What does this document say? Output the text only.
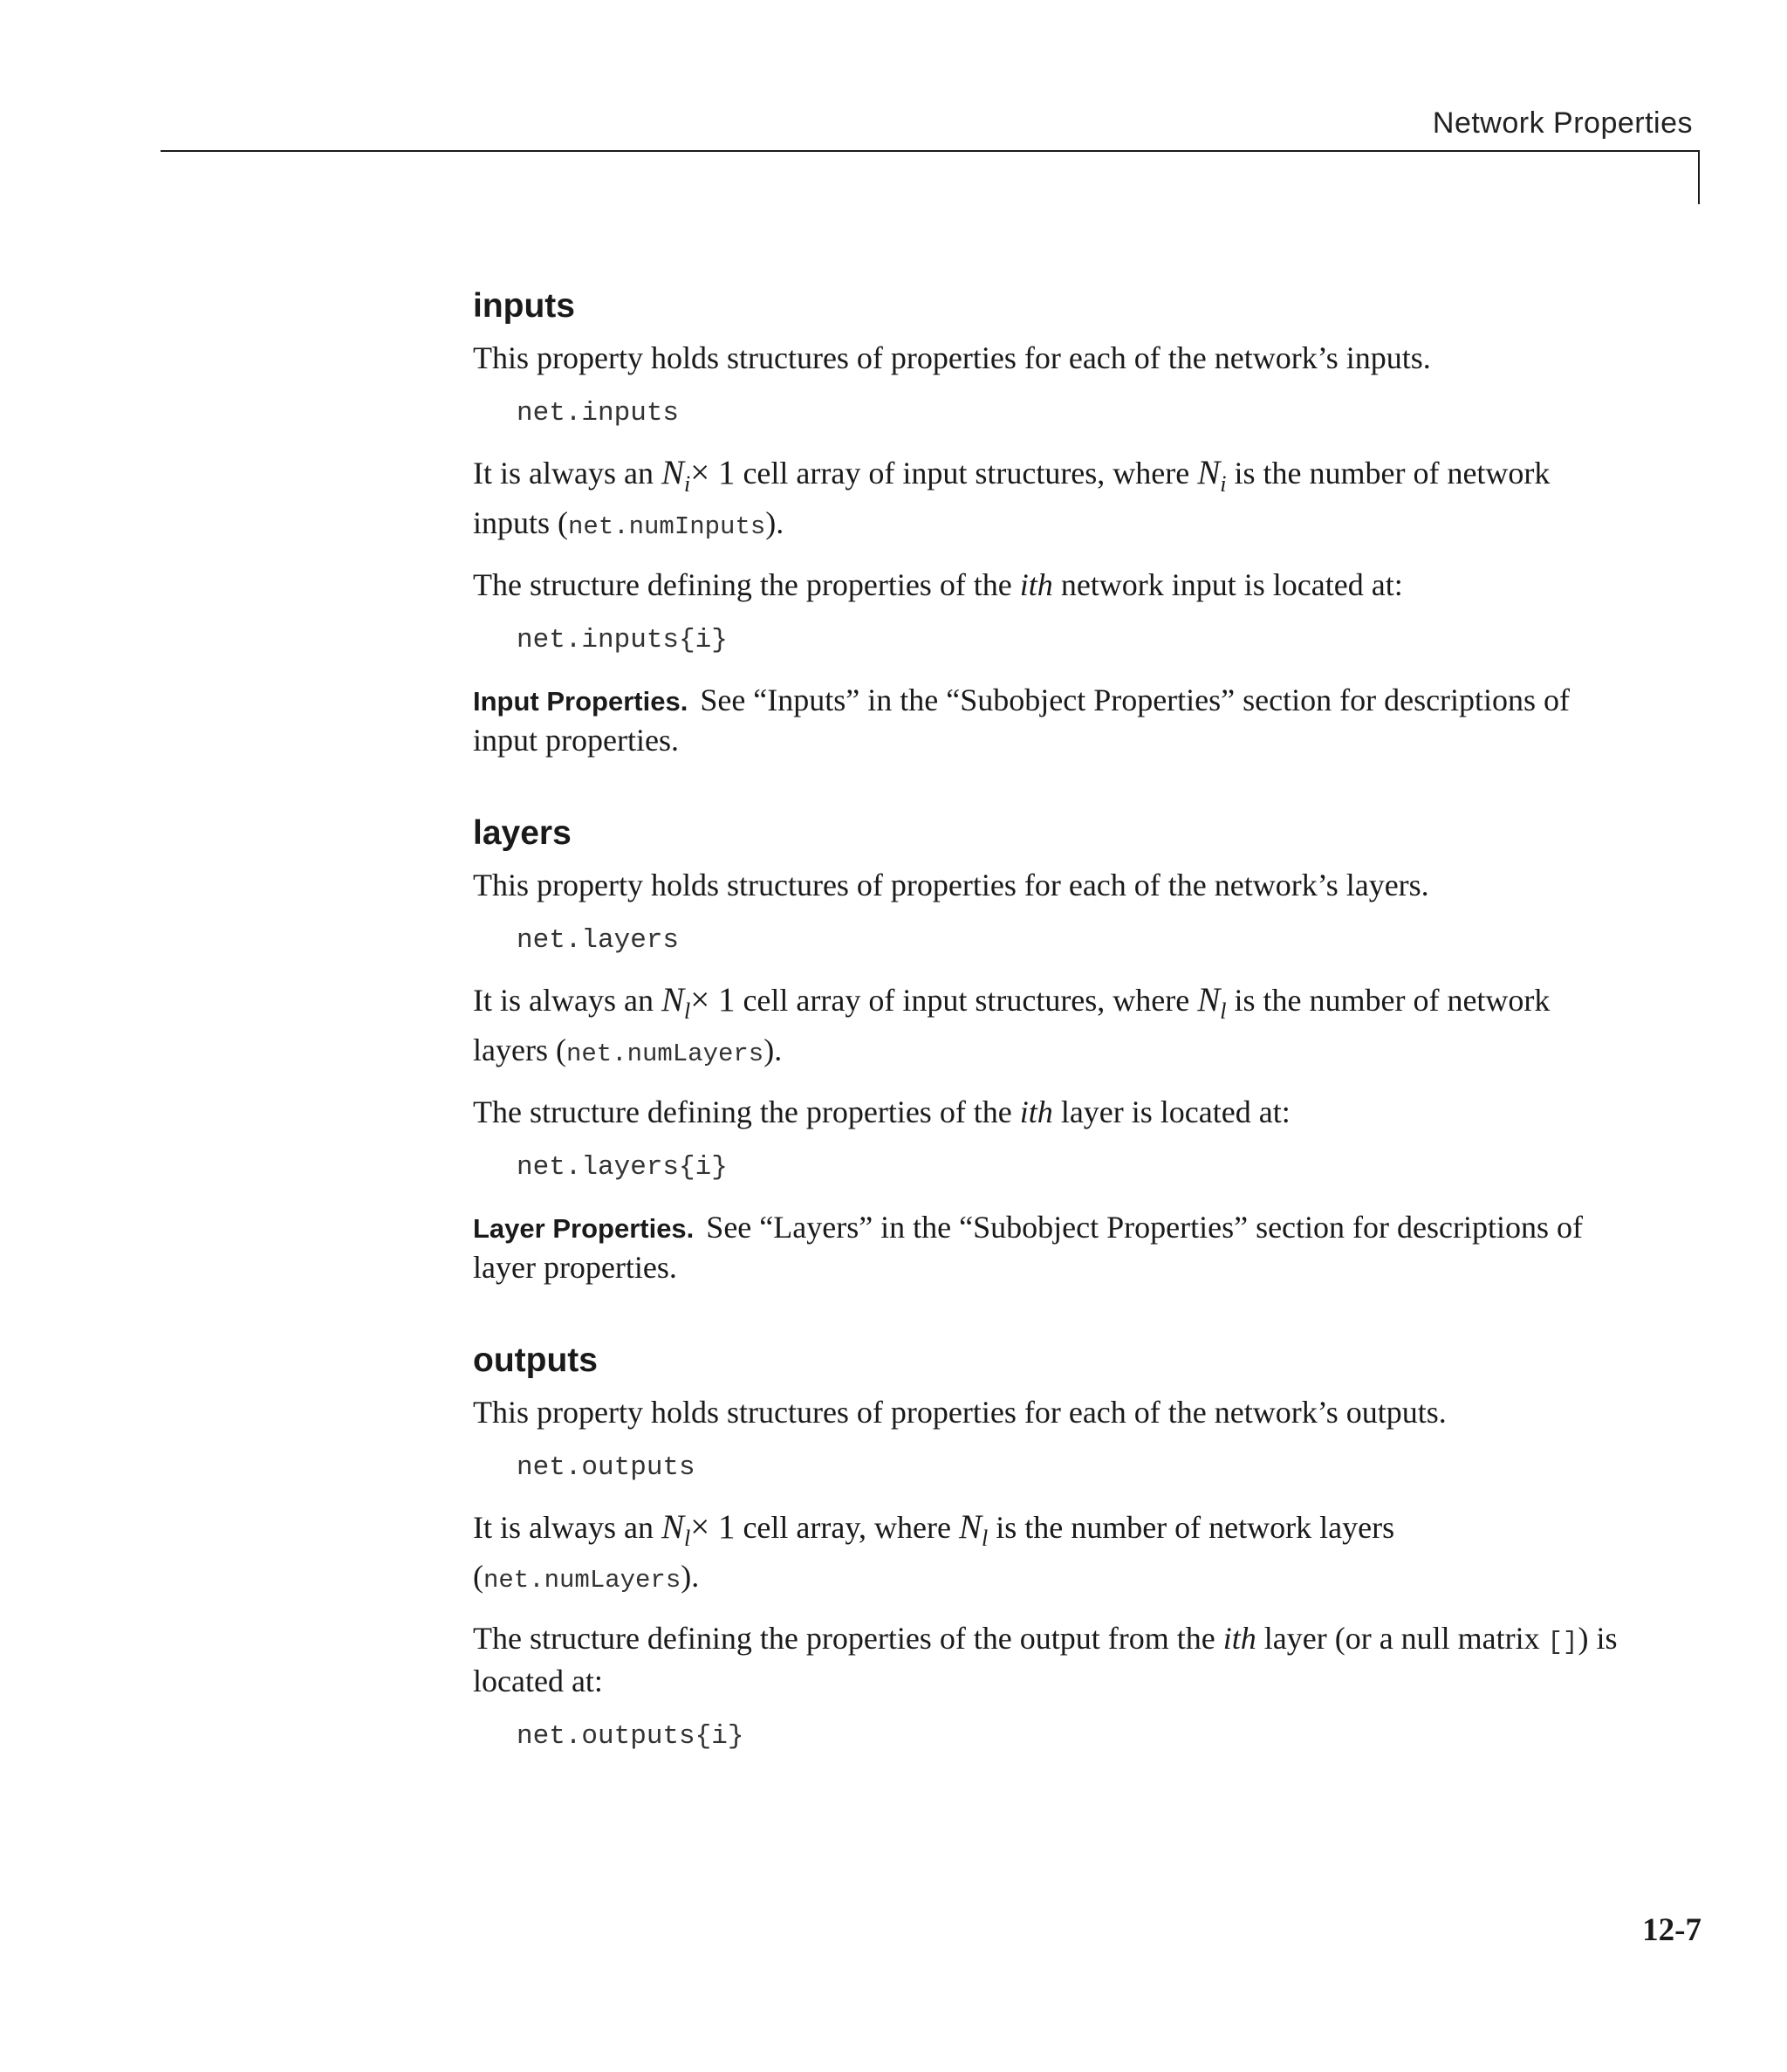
Network Properties
inputs

This property holds structures of properties for each of the network’s inputs.

net.inputs

It is always an $N_i\times 1$ cell array of input structures, where $N_i$ is the number of network inputs (net.numInputs).

The structure defining the properties of the ith network input is located at:

net.inputs{i}

Input Properties. See “Inputs” in the “Subobject Properties” section for descriptions of input properties.

layers

This property holds structures of properties for each of the network’s layers.

net.layers

It is always an $N_l\times 1$ cell array of input structures, where $N_l$ is the number of network layers (net.numLayers).

The structure defining the properties of the ith layer is located at:

net.layers{i}

Layer Properties. See “Layers” in the “Subobject Properties” section for descriptions of layer properties.

outputs

This property holds structures of properties for each of the network’s outputs.

net.outputs

It is always an $N_l\times 1$ cell array, where $N_l$ is the number of network layers (net.numLayers).

The structure defining the properties of the output from the ith layer (or a null matrix []) is located at:

net.outputs{i}
12-7
